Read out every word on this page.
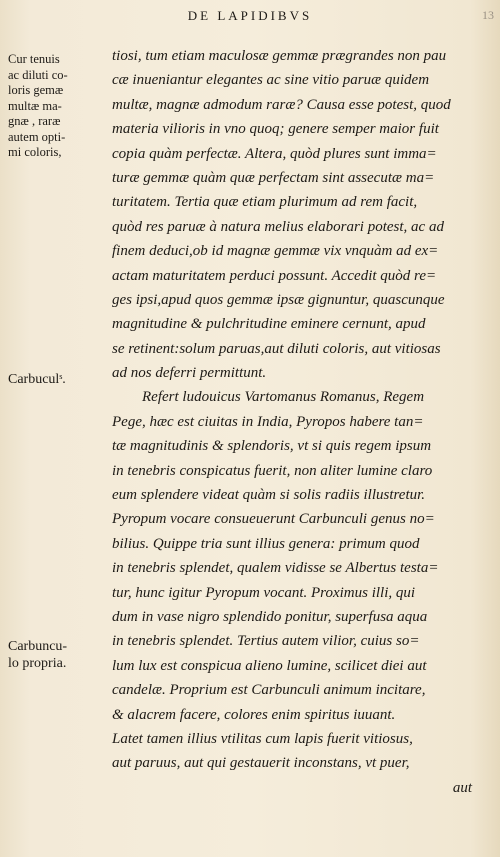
DE LAPIDIBVS	13
Cur tenuis
ac diluti co-
loris gemæ
multæ ma-
gnæ , raræ
autem opti-
mi coloris,
Carbuculˢ.
Carbuncu-
lo propria.
tiosi, tum etiam maculosæ gemmæ prægrandes non pau
cæ inueniantur elegantes ac sine vitio paruæ quidem
multæ, magnæ admodum raræ? Causa esse potest, quod
materia vilioris in vno quoq; genere semper maior fuit
copia quàm perfectæ. Altera, quòd plures sunt imma=
turæ gemmæ quàm quæ perfectam sint assecutæ ma=
turitatem. Tertia quæ etiam plurimum ad rem facit,
quòd res paruæ à natura melius elaborari potest, ac ad
finem deduci,ob id magnæ gemmæ vix vnquàm ad ex=
actam maturitatem perduci possunt. Accedit quòd re=
ges ipsi,apud quos gemmæ ipsæ gignuntur, quascunque
magnitudine & pulchritudine eminere cernunt, apud
se retinent:solum paruas,aut diluti coloris, aut vitiosas
ad nos deferri permittunt.
Refert ludouicus Vartomanus Romanus, Regem
Pege, hæc est ciuitas in India, Pyropos habere tan=
tæ magnitudinis & splendoris, vt si quis regem ipsum
in tenebris conspicatus fuerit, non aliter lumine claro
eum splendere videat quàm si solis radiis illustretur.
Pyropum vocare consueuerunt Carbunculi genus no=
bilius. Quippe tria sunt illius genera: primum quod
in tenebris splendet, qualem vidisse se Albertus testa=
tur, hunc igitur Pyropum vocant. Proximus illi, qui
dum in vase nigro splendido ponitur, superfusa aqua
in tenebris splendet. Tertius autem vilior, cuius so=
lum lux est conspicua alieno lumine, scilicet diei aut
candelæ. Proprium est Carbunculi animum incitare,
& alacrem facere, colores enim spiritus iuuant.
Latet tamen illius vtilitas cum lapis fuerit vitiosus,
aut paruus, aut qui gestauerit inconstans, vt puer,
aut
